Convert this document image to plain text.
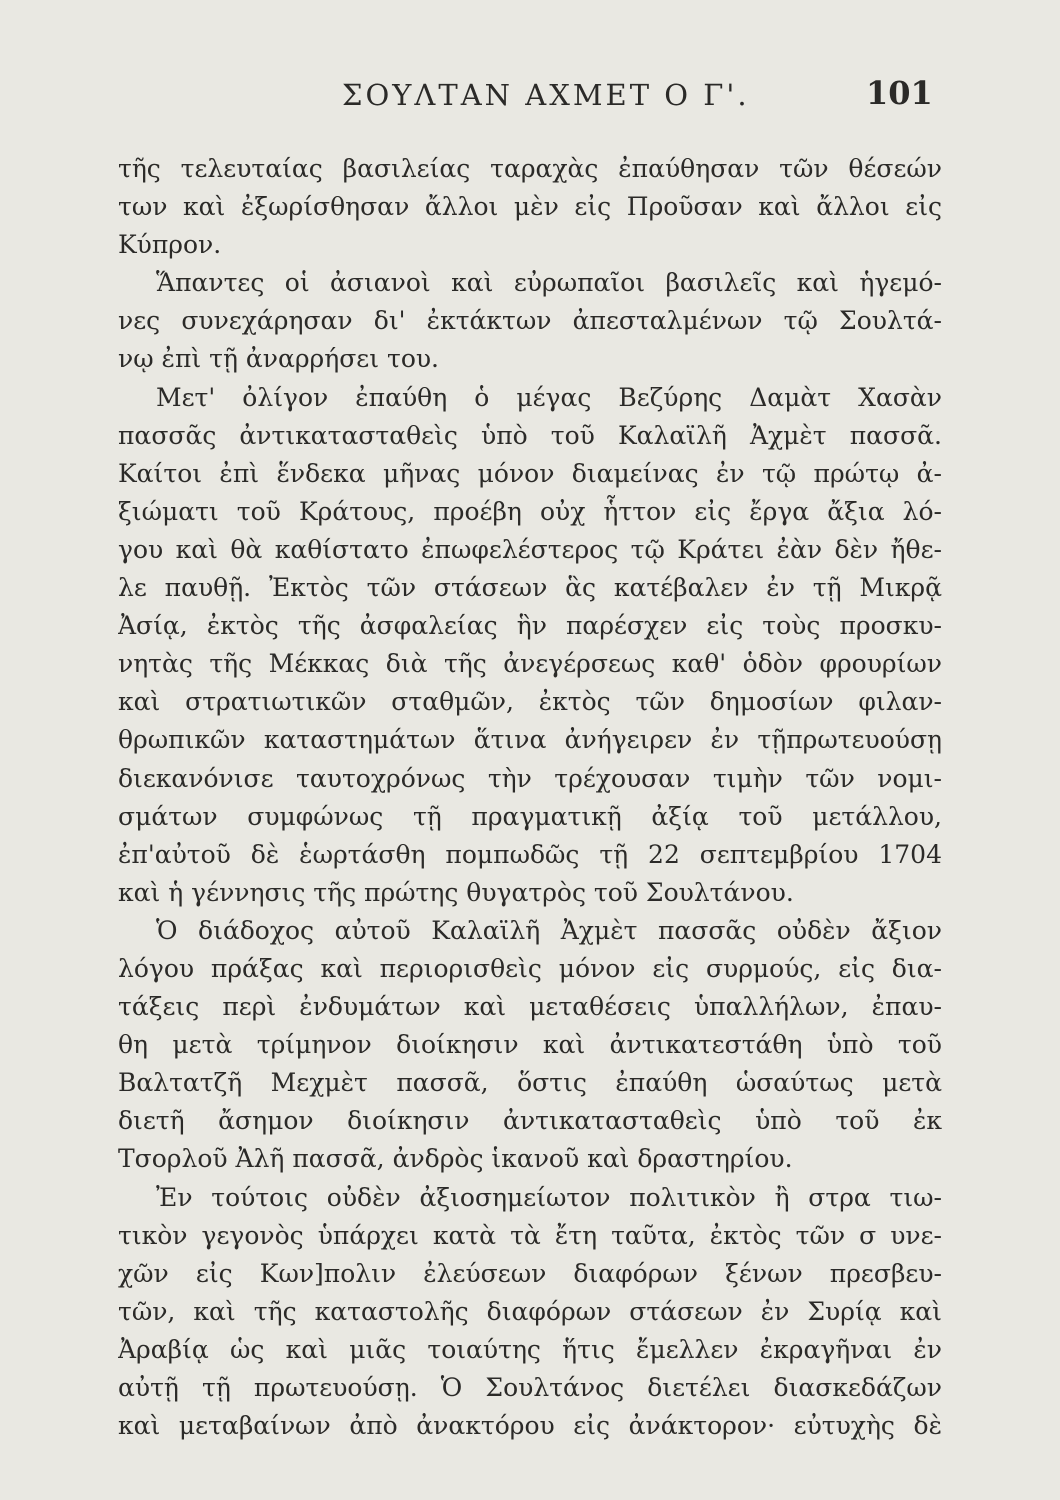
ΣΟΥΛΤΑΝ ΑΧΜΕΤ Ο Γ'.	101
τῆς τελευταίας βασιλείας ταραχὰς ἐπαύθησαν τῶν θέσεών
των καὶ ἐξωρίσθησαν ἄλλοι μὲν εἰς Προῦσαν καὶ ἄλλοι εἰς
Κύπρον.
Ἅπαντες οἱ ἀσιανοὶ καὶ εὐρωπαῖοι βασιλεῖς καὶ ἡγεμό-
νες συνεχάρησαν δι' ἐκτάκτων ἀπεσταλμένων τῷ Σουλτά-
νῳ ἐπὶ τῇ ἀναρρήσει του.
Μετ' ὀλίγον ἐπαύθη ὁ μέγας Βεζύρης Δαμὰτ Χασὰν
πασσᾶς ἀντικατασταθεὶς ὑπὸ τοῦ Καλαϊλῆ Ἀχμὲτ πασσᾶ.
Καίτοι ἐπὶ ἕνδεκα μῆνας μόνον διαμείνας ἐν τῷ πρώτῳ ἀ-
ξιώματι τοῦ Κράτους, προέβη οὐχ ἧττον εἰς ἔργα ἄξια λό-
γου καὶ θὰ καθίστατο ἐπωφελέστερος τῷ Κράτει ἐὰν δὲν ἤθε-
λε παυθῇ. Ἐκτὸς τῶν στάσεων ἃς κατέβαλεν ἐν τῇ Μικρᾷ
Ἀσίᾳ, ἐκτὸς τῆς ἀσφαλείας ἣν παρέσχεν εἰς τοὺς προσκυ-
νητὰς τῆς Μέκκας διὰ τῆς ἀνεγέρσεως καθ' ὁδὸν φρουρίων
καὶ στρατιωτικῶν σταθμῶν, ἐκτὸς τῶν δημοσίων φιλαν-
θρωπικῶν καταστημάτων ἅτινα ἀνήγειρεν ἐν τῇπρωτευούσῃ
διεκανόνισε ταυτοχρόνως τὴν τρέχουσαν τιμὴν τῶν νομι-
σμάτων συμφώνως τῇ πραγματικῇ ἀξίᾳ τοῦ μετάλλου,
ἐπ'αὐτοῦ δὲ ἑωρτάσθη πομπωδῶς τῇ 22 σεπτεμβρίου 1704
καὶ ἡ γέννησις τῆς πρώτης θυγατρὸς τοῦ Σουλτάνου.
Ὁ διάδοχος αὐτοῦ Καλαϊλῆ Ἀχμὲτ πασσᾶς οὐδὲν ἄξιον
λόγου πράξας καὶ περιορισθεὶς μόνον εἰς συρμούς, εἰς δια-
τάξεις περὶ ἐνδυμάτων καὶ μεταθέσεις ὑπαλλήλων, ἐπαυ-
θη μετὰ τρίμηνον διοίκησιν καὶ ἀντικατεστάθη ὑπὸ τοῦ
Βαλτατζῆ Μεχμὲτ πασσᾶ, ὅστις ἐπαύθη ὡσαύτως μετὰ
διετῆ ἄσημον διοίκησιν ἀντικατασταθεὶς ὑπὸ τοῦ ἐκ
Τσορλοῦ Ἀλῆ πασσᾶ, ἀνδρὸς ἱκανοῦ καὶ δραστηρίου.
Ἐν τούτοις οὐδὲν ἀξιοσημείωτον πολιτικὸν ἢ στρα τιω-
τικὸν γεγονὸς ὑπάρχει κατὰ τὰ ἔτη ταῦτα, ἐκτὸς τῶν σ υνε-
χῶν εἰς Κων]πολιν ἐλεύσεων διαφόρων ξένων πρεσβευ-
τῶν, καὶ τῆς καταστολῆς διαφόρων στάσεων ἐν Συρίᾳ καὶ
Ἀραβίᾳ ὡς καὶ μιᾶς τοιαύτης ἥτις ἔμελλεν ἐκραγῆναι ἐν
αὐτῇ τῇ πρωτευούσῃ. Ὁ Σουλτάνος διετέλει διασκεδάζων
καὶ μεταβαίνων ἀπὸ ἀνακτόρου εἰς ἀνάκτορον· εὐτυχὴς δὲ
